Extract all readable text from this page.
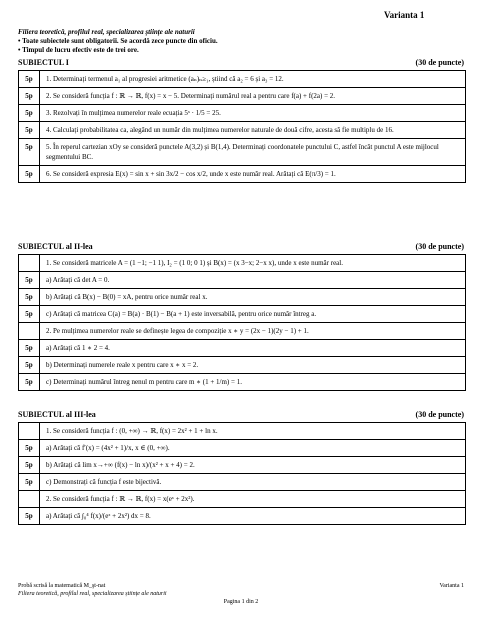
Varianta 1
Filiera teoretică, profilul real, specializarea științe ale naturii
• Toate subiectele sunt obligatorii. Se acordă zece puncte din oficiu.
• Timpul de lucru efectiv este de trei ore.
SUBIECTUL I	(30 de puncte)
5p	1. Determinați termenul a₁ al progresiei aritmetice (aₙ)ₙ≥₁, știind că a₂ = 6 și a₃ = 12.
5p	2. Se consideră funcția f : ℝ → ℝ, f(x) = x − 5. Determinați numărul real a pentru care f(a) + f(2a) = 2.
5p	3. Rezolvați în mulțimea numerelor reale ecuația 5ˣ · 1/5 = 25.
5p	4. Calculați probabilitatea ca, alegând un număr din mulțimea numerelor naturale de două cifre, acesta să fie multiplu de 16.
5p	5. În reperul cartezian xOy se consideră punctele A(3,2) și B(1,4). Determinați coordonatele punctului C, astfel încât punctul A este mijlocul segmentului BC.
5p	6. Se consideră expresia E(x) = sin x + sin 3x/2 − cos x/2, unde x este număr real. Arătați că E(π/3) = 1.
SUBIECTUL al II-lea	(30 de puncte)
1. Se consideră matricele A = (1 −1; −1 1), I₂ = (1 0; 0 1) și B(x) = (x 3−x; 2−x x), unde x este număr real.
5p	a) Arătați că det A = 0.
5p	b) Arătați că B(x) − B(0) = xA, pentru orice număr real x.
5p	c) Arătați că matricea C(a) = B(a) · B(1) − B(a + 1) este inversabilă, pentru orice număr întreg a.
2. Pe mulțimea numerelor reale se definește legea de compoziție x ∗ y = (2x − 1)(2y − 1) + 1.
5p	a) Arătați că 1 ∗ 2 = 4.
5p	b) Determinați numerele reale x pentru care x ∗ x = 2.
5p	c) Determinați numărul întreg nenul m pentru care m ∗ (1 + 1/m) = 1.
SUBIECTUL al III-lea	(30 de puncte)
1. Se consideră funcția f : (0, +∞) → ℝ, f(x) = 2x² + 1 + ln x.
5p	a) Arătați că f′(x) = (4x² + 1)/x, x ∈ (0, +∞).
5p	b) Arătați că lim x→+∞ (f(x) − ln x)/(x² + x + 4) = 2.
5p	c) Demonstrați că funcția f este bijectivă.
2. Se consideră funcția f : ℝ → ℝ, f(x) = x(eˣ + 2x²).
5p	a) Arătați că ∫₀⁴ f(x)/(eˣ + 2x²) dx = 8.
Probă scrisă la matematică M_şt-nat	Varianta 1
Filiera teoretică, profilul real, specializarea științe ale naturii
Pagina 1 din 2
